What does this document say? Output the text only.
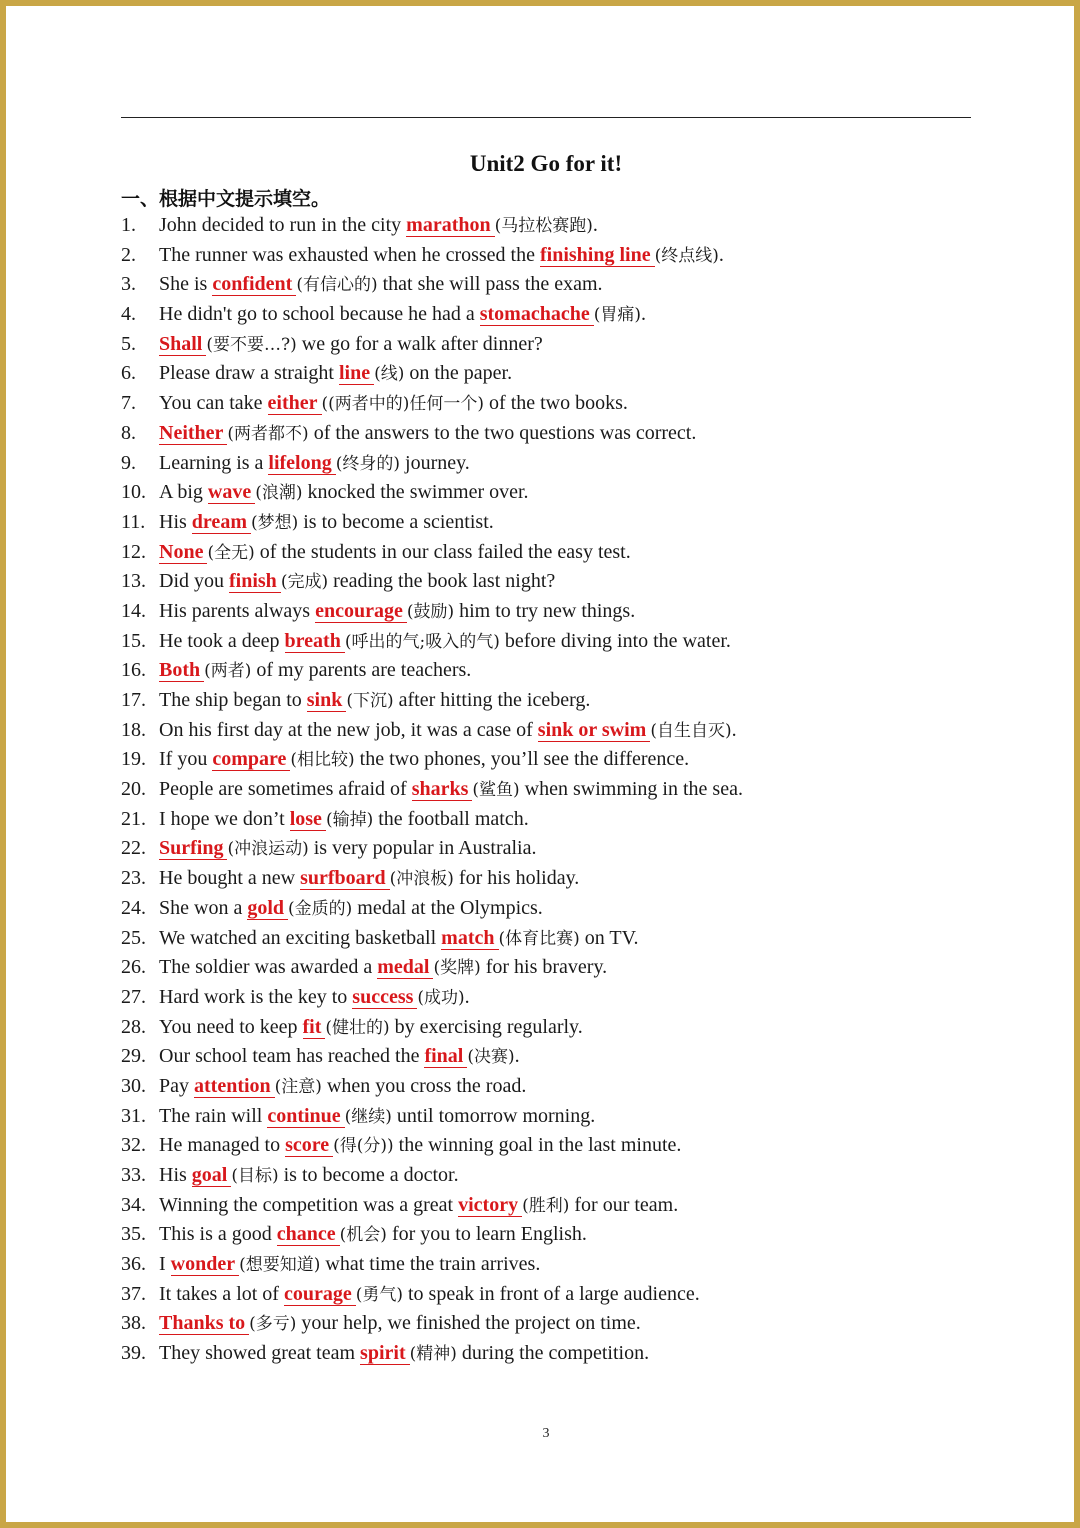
Unit2 Go for it!
一、根据中文提示填空。
1. John decided to run in the city marathon (马拉松赛跑).
2. The runner was exhausted when he crossed the finishing line (终点线).
3. She is confident (有信心的) that she will pass the exam.
4. He didn't go to school because he had a stomachache (胃痛).
5. Shall (要不要…?) we go for a walk after dinner?
6. Please draw a straight line (线) on the paper.
7. You can take either ((两者中的)任何一个) of the two books.
8. Neither (两者都不) of the answers to the two questions was correct.
9. Learning is a lifelong (终身的) journey.
10. A big wave (浪潮) knocked the swimmer over.
11. His dream (梦想) is to become a scientist.
12. None (全无) of the students in our class failed the easy test.
13. Did you finish (完成) reading the book last night?
14. His parents always encourage (鼓励) him to try new things.
15. He took a deep breath (呼出的气;吸入的气) before diving into the water.
16. Both (两者) of my parents are teachers.
17. The ship began to sink (下沉) after hitting the iceberg.
18. On his first day at the new job, it was a case of sink or swim (自生自灭).
19. If you compare (相比较) the two phones, you’ll see the difference.
20. People are sometimes afraid of sharks (鲨鱼) when swimming in the sea.
21. I hope we don’t lose (输掉) the football match.
22. Surfing (冲浪运动) is very popular in Australia.
23. He bought a new surfboard (冲浪板) for his holiday.
24. She won a gold (金质的) medal at the Olympics.
25. We watched an exciting basketball match (体育比赛) on TV.
26. The soldier was awarded a medal (奖牌) for his bravery.
27. Hard work is the key to success (成功).
28. You need to keep fit (健壮的) by exercising regularly.
29. Our school team has reached the final (决赛).
30. Pay attention (注意) when you cross the road.
31. The rain will continue (继续) until tomorrow morning.
32. He managed to score (得(分)) the winning goal in the last minute.
33. His goal (目标) is to become a doctor.
34. Winning the competition was a great victory (胜利) for our team.
35. This is a good chance (机会) for you to learn English.
36. I wonder (想要知道) what time the train arrives.
37. It takes a lot of courage (勇气) to speak in front of a large audience.
38. Thanks to (多亏) your help, we finished the project on time.
39. They showed great team spirit (精神) during the competition.
3
